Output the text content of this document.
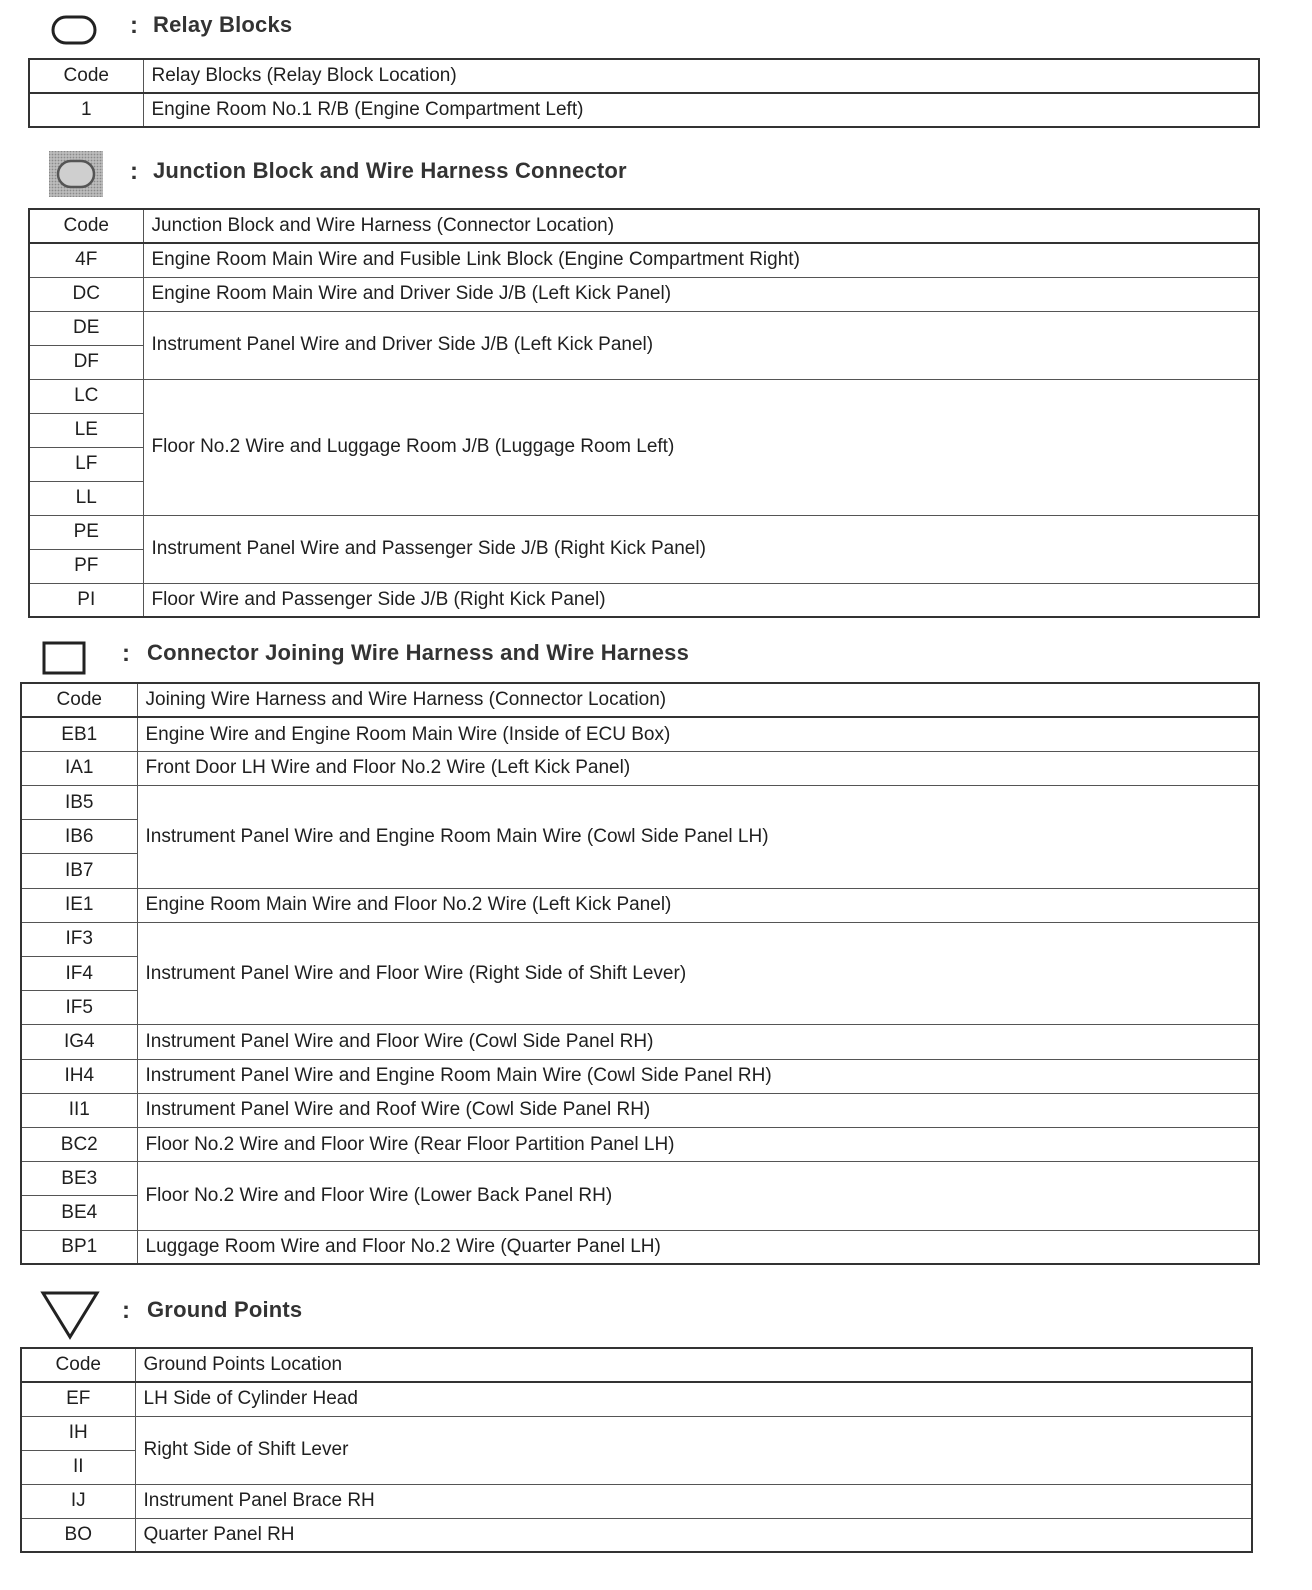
: Relay Blocks
Code	Relay Blocks (Relay Block Location)
1	Engine Room No.1 R/B (Engine Compartment Left)
: Junction Block and Wire Harness Connector
Code	Junction Block and Wire Harness (Connector Location)
4F	Engine Room Main Wire and Fusible Link Block (Engine Compartment Right)
DC	Engine Room Main Wire and Driver Side J/B (Left Kick Panel)
DE	Instrument Panel Wire and Driver Side J/B (Left Kick Panel)
DF	
LC	Floor No.2 Wire and Luggage Room J/B (Luggage Room Left)
LE	
LF	
LL	
PE	Instrument Panel Wire and Passenger Side J/B (Right Kick Panel)
PF	
PI	Floor Wire and Passenger Side J/B (Right Kick Panel)
: Connector Joining Wire Harness and Wire Harness
Code	Joining Wire Harness and Wire Harness (Connector Location)
EB1	Engine Wire and Engine Room Main Wire (Inside of ECU Box)
IA1	Front Door LH Wire and Floor No.2 Wire (Left Kick Panel)
IB5	Instrument Panel Wire and Engine Room Main Wire (Cowl Side Panel LH)
IB6	
IB7	
IE1	Engine Room Main Wire and Floor No.2 Wire (Left Kick Panel)
IF3	Instrument Panel Wire and Floor Wire (Right Side of Shift Lever)
IF4	
IF5	
IG4	Instrument Panel Wire and Floor Wire (Cowl Side Panel RH)
IH4	Instrument Panel Wire and Engine Room Main Wire (Cowl Side Panel RH)
II1	Instrument Panel Wire and Roof Wire (Cowl Side Panel RH)
BC2	Floor No.2 Wire and Floor Wire (Rear Floor Partition Panel LH)
BE3	Floor No.2 Wire and Floor Wire (Lower Back Panel RH)
BE4	
BP1	Luggage Room Wire and Floor No.2 Wire (Quarter Panel LH)
: Ground Points
Code	Ground Points Location
EF	LH Side of Cylinder Head
IH	Right Side of Shift Lever
II	
IJ	Instrument Panel Brace RH
BO	Quarter Panel RH
